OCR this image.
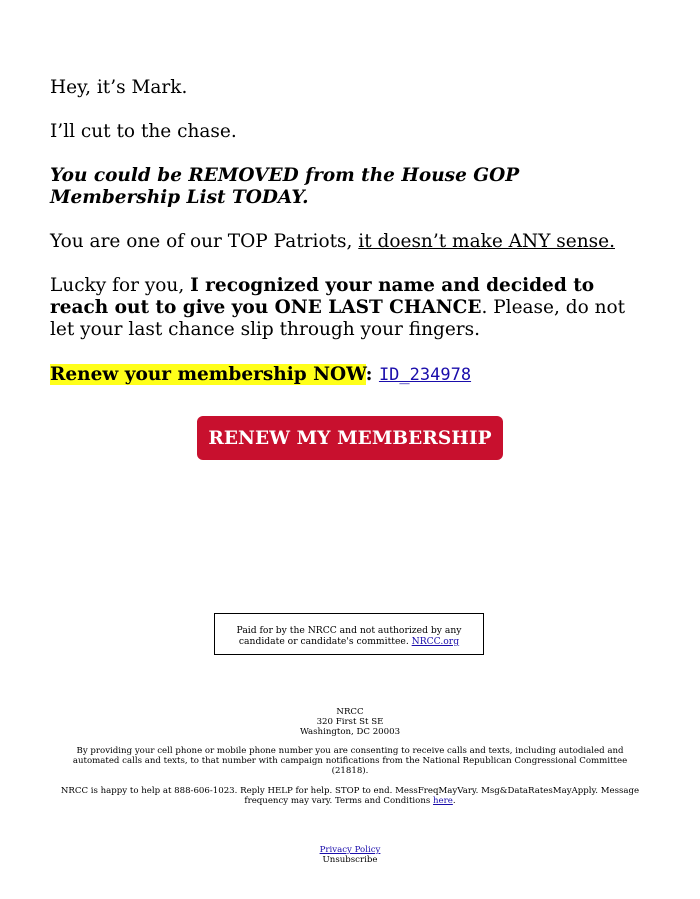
Hey, it’s Mark.

I’ll cut to the chase.

You could be REMOVED from the House GOP Membership List TODAY.

You are one of our TOP Patriots, it doesn’t make ANY sense.

Lucky for you, I recognized your name and decided to reach out to give you ONE LAST CHANCE. Please, do not let your last chance slip through your fingers.

Renew your membership NOW: ID_234978

RENEW MY MEMBERSHIP
Paid for by the NRCC and not authorized by any candidate or candidate's committee. NRCC.org
NRCC
320 First St SE
Washington, DC 20003
By providing your cell phone or mobile phone number you are consenting to receive calls and texts, including autodialed and automated calls and texts, to that number with campaign notifications from the National Republican Congressional Committee (21818).
NRCC is happy to help at 888-606-1023. Reply HELP for help. STOP to end. MessFreqMayVary. Msg&DataRatesMayApply. Message frequency may vary. Terms and Conditions here.
Privacy Policy
Unsubscribe
